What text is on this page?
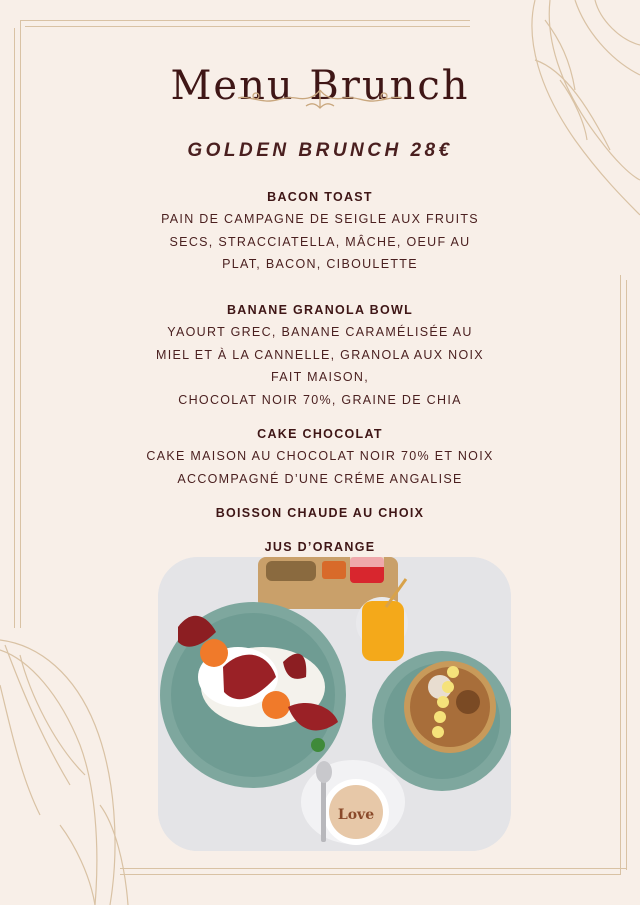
Menu Brunch
GOLDEN BRUNCH 28€
BACON TOAST
PAIN DE CAMPAGNE DE SEIGLE AUX FRUITS
SECS, STRACCIATELLA, MÂCHE, OEUF AU
PLAT, BACON, CIBOULETTE
BANANE GRANOLA BOWL
YAOURT GREC, BANANE CARAMÉLISÉE AU
MIEL ET À LA CANNELLE, GRANOLA AUX NOIX
FAIT MAISON,
CHOCOLAT NOIR 70%, GRAINE DE CHIA
CAKE CHOCOLAT
CAKE MAISON AU CHOCOLAT NOIR 70% ET NOIX
ACCOMPAGNÉ D’UNE CRÉME ANGALISE
BOISSON CHAUDE AU CHOIX
JUS D’ORANGE
Love
